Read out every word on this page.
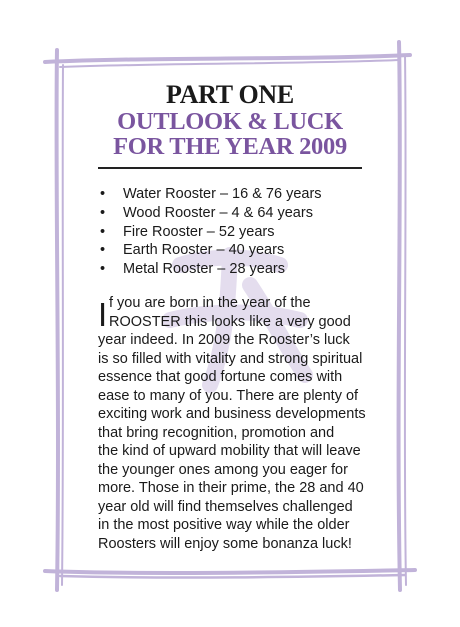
PART ONE
OUTLOOK & LUCK
FOR THE YEAR 2009
• Water Rooster – 16 & 76 years
• Wood Rooster – 4 & 64 years
• Fire Rooster – 52 years
• Earth Rooster – 40 years
• Metal Rooster – 28 years
I f you are born in the year of the
ROOSTER this looks like a very good
year indeed. In 2009 the Rooster’s luck
is so filled with vitality and strong spiritual
essence that good fortune comes with
ease to many of you. There are plenty of
exciting work and business developments
that bring recognition, promotion and
the kind of upward mobility that will leave
the younger ones among you eager for
more. Those in their prime, the 28 and 40
year old will find themselves challenged
in the most positive way while the older
Roosters will enjoy some bonanza luck!
